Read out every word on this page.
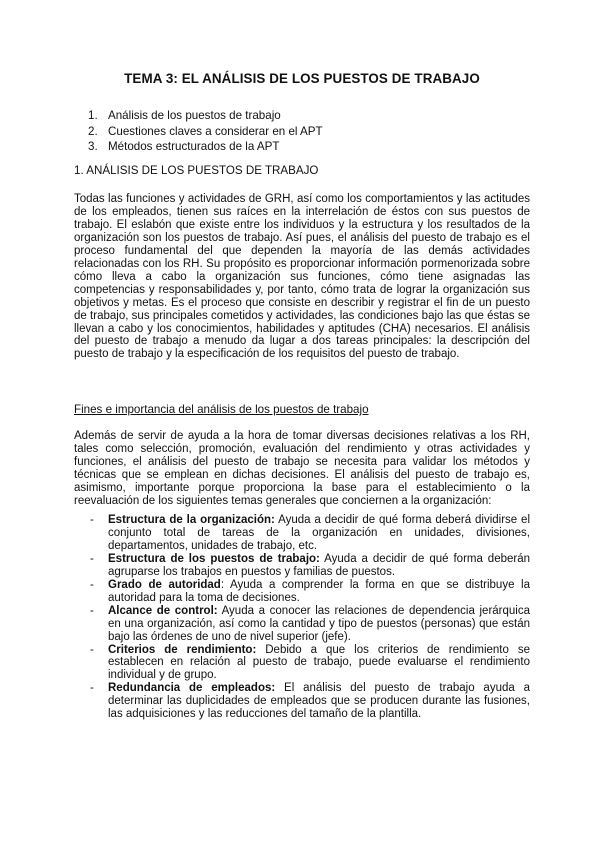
TEMA 3: EL ANÁLISIS DE LOS PUESTOS DE TRABAJO
1. Análisis de los puestos de trabajo
2. Cuestiones claves a considerar en el APT
3. Métodos estructurados de la APT
1. ANÁLISIS DE LOS PUESTOS DE TRABAJO
Todas las funciones y actividades de GRH, así como los comportamientos y las actitudes de los empleados, tienen sus raíces en la interrelación de éstos con sus puestos de trabajo. El eslabón que existe entre los individuos y la estructura y los resultados de la organización son los puestos de trabajo. Así pues, el análisis del puesto de trabajo es el proceso fundamental del que dependen la mayoría de las demás actividades relacionadas con los RH. Su propósito es proporcionar información pormenorizada sobre cómo lleva a cabo la organización sus funciones, cómo tiene asignadas las competencias y responsabilidades y, por tanto, cómo trata de lograr la organización sus objetivos y metas. Es el proceso que consiste en describir y registrar el fin de un puesto de trabajo, sus principales cometidos y actividades, las condiciones bajo las que éstas se llevan a cabo y los conocimientos, habilidades y aptitudes (CHA) necesarios. El análisis del puesto de trabajo a menudo da lugar a dos tareas principales: la descripción del puesto de trabajo y la especificación de los requisitos del puesto de trabajo.
Fines e importancia del análisis de los puestos de trabajo
Además de servir de ayuda a la hora de tomar diversas decisiones relativas a los RH, tales como selección, promoción, evaluación del rendimiento y otras actividades y funciones, el análisis del puesto de trabajo se necesita para validar los métodos y técnicas que se emplean en dichas decisiones. El análisis del puesto de trabajo es, asimismo, importante porque proporciona la base para el establecimiento o la reevaluación de los siguientes temas generales que conciernen a la organización:
- Estructura de la organización: Ayuda a decidir de qué forma deberá dividirse el conjunto total de tareas de la organización en unidades, divisiones, departamentos, unidades de trabajo, etc.
- Estructura de los puestos de trabajo: Ayuda a decidir de qué forma deberán agruparse los trabajos en puestos y familias de puestos.
- Grado de autoridad: Ayuda a comprender la forma en que se distribuye la autoridad para la toma de decisiones.
- Alcance de control: Ayuda a conocer las relaciones de dependencia jerárquica en una organización, así como la cantidad y tipo de puestos (personas) que están bajo las órdenes de uno de nivel superior (jefe).
- Criterios de rendimiento: Debido a que los criterios de rendimiento se establecen en relación al puesto de trabajo, puede evaluarse el rendimiento individual y de grupo.
- Redundancia de empleados: El análisis del puesto de trabajo ayuda a determinar las duplicidades de empleados que se producen durante las fusiones, las adquisiciones y las reducciones del tamaño de la plantilla.
